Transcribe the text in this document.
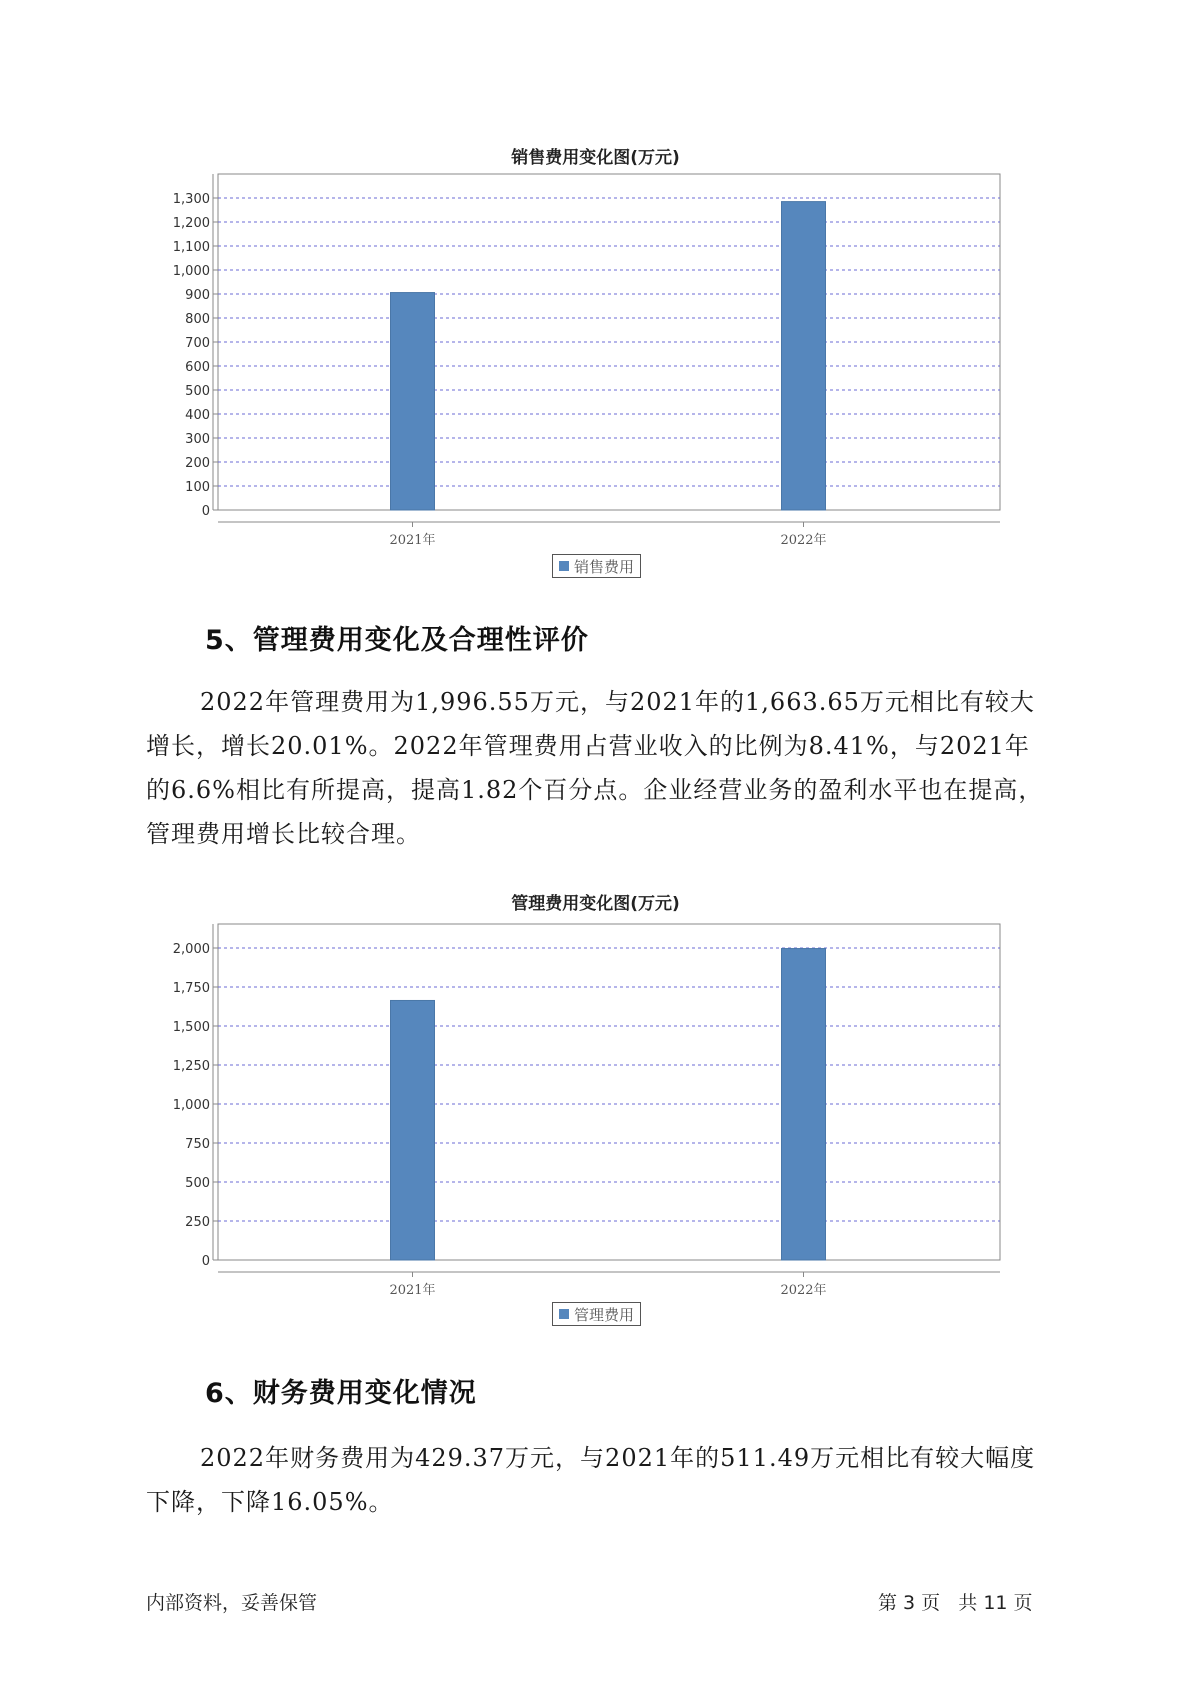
销售费用变化图(万元)
0
100
200
300
400
500
600
700
800
900
1,000
1,100
1,200
1,300
2021年	2022年
销售费用
5、管理费用变化及合理性评价
2022年管理费用为1,996.55万元，与2021年的1,663.65万元相比有较大增长，增长20.01%。2022年管理费用占营业收入的比例为8.41%，与2021年的6.6%相比有所提高，提高1.82个百分点。企业经营业务的盈利水平也在提高，管理费用增长比较合理。
管理费用变化图(万元)
0
250
500
750
1,000
1,250
1,500
1,750
2,000
2021年	2022年
管理费用
6、财务费用变化情况
2022年财务费用为429.37万元，与2021年的511.49万元相比有较大幅度下降，下降16.05%。
内部资料，妥善保管	第 3 页   共 11 页
